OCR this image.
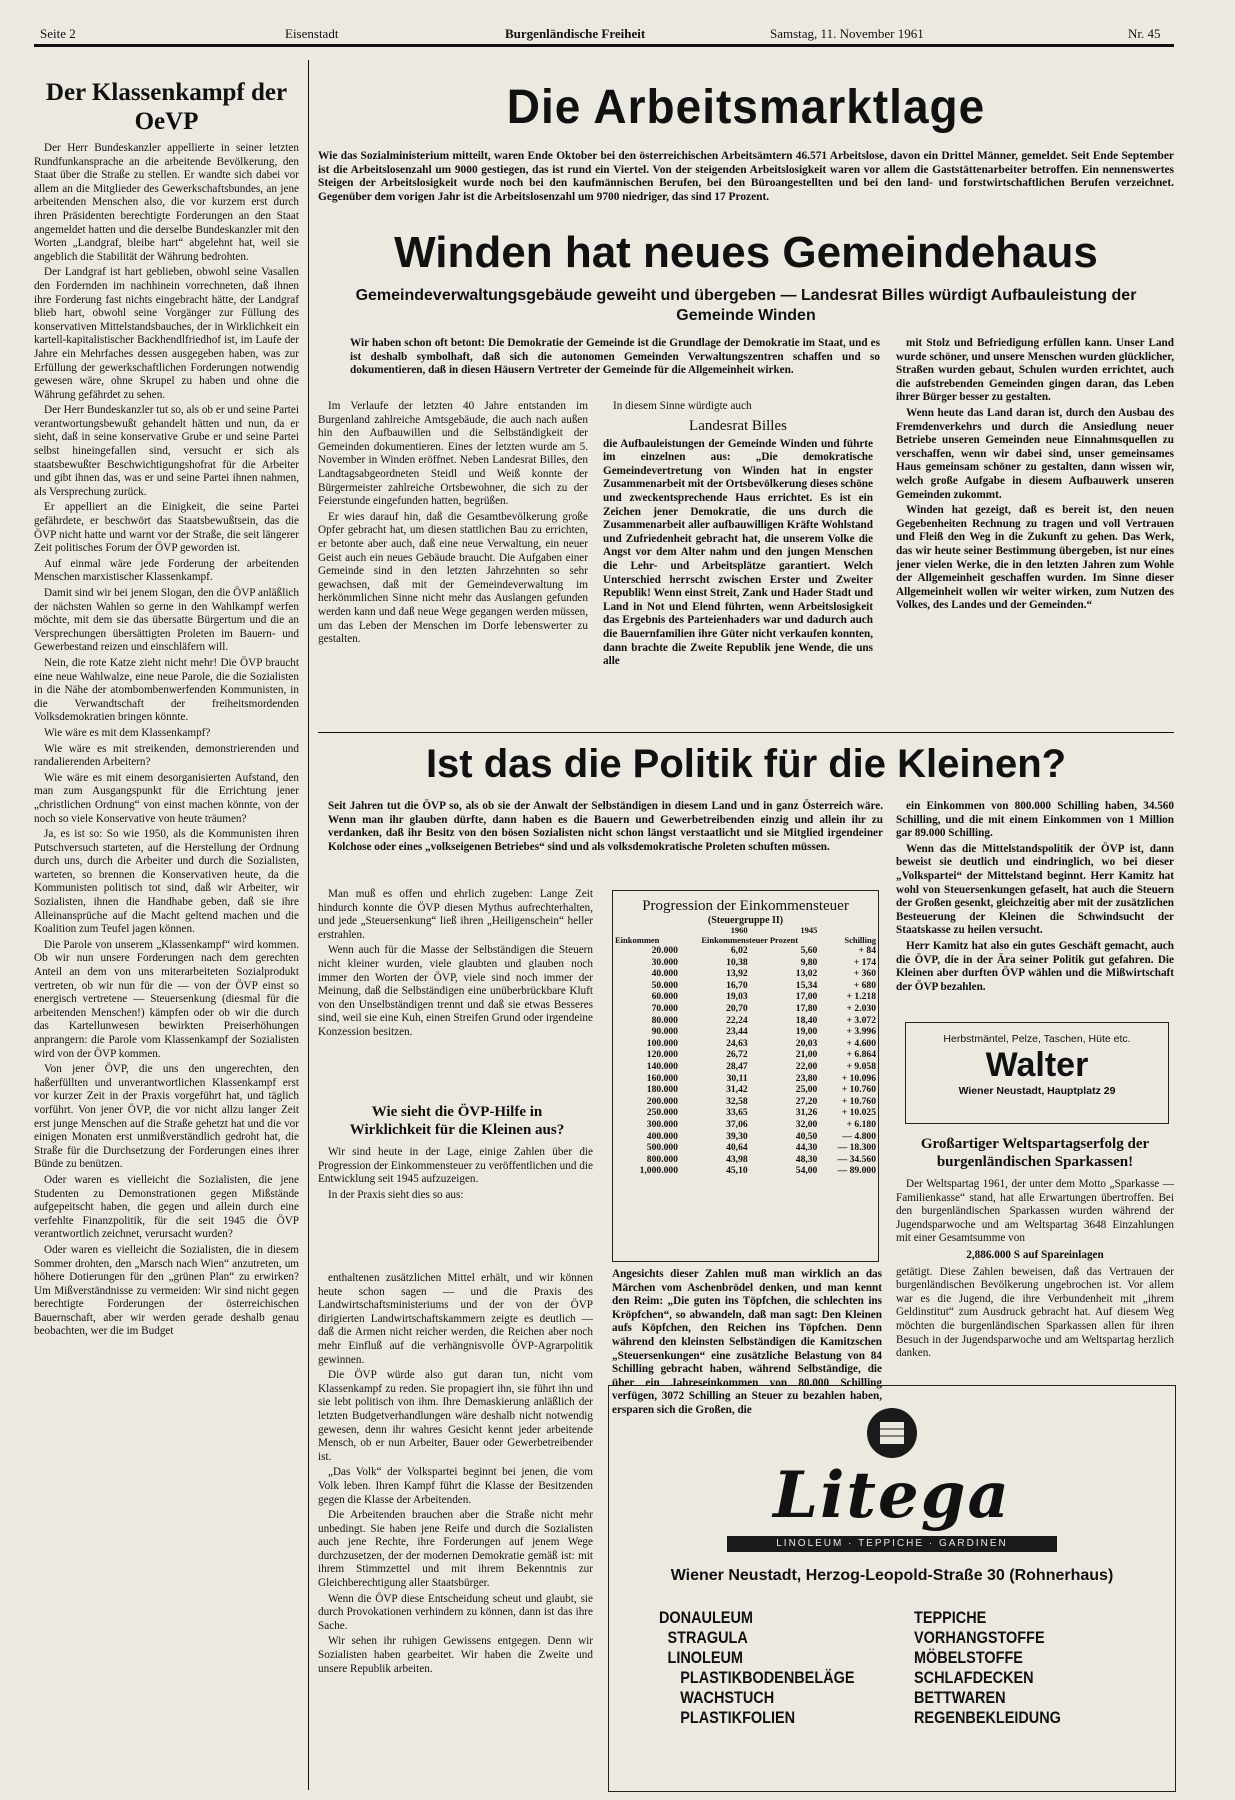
Seite 2	Eisenstadt	Burgenländische Freiheit	Samstag, 11. November 1961	Nr. 45
Der Klassenkampf der OeVP

Der Herr Bundeskanzler appellierte in seiner letzten Rundfunkansprache an die arbeitende Bevölkerung, den Staat über die Straße zu stellen. Er wandte sich dabei vor allem an die Mitglieder des Gewerkschaftsbundes, an jene arbeitenden Menschen also, die vor kurzem erst durch ihren Präsidenten berechtigte Forderungen an den Staat angemeldet hatten und die derselbe Bundeskanzler mit den Worten „Landgraf, bleibe hart“ abgelehnt hat, weil sie angeblich die Stabilität der Währung bedrohten.

Der Landgraf ist hart geblieben, obwohl seine Vasallen den Fordernden im nachhinein vorrechneten, daß ihnen ihre Forderung fast nichts eingebracht hätte, der Landgraf blieb hart, obwohl seine Vorgänger zur Füllung des konservativen Mittelstandsbauches, der in Wirklichkeit ein kartell-kapitalistischer Backhendlfriedhof ist, im Laufe der Jahre ein Mehrfaches dessen ausgegeben haben, was zur Erfüllung der gewerkschaftlichen Forderungen notwendig gewesen wäre, ohne Skrupel zu haben und ohne die Währung gefährdet zu sehen.

Der Herr Bundeskanzler tut so, als ob er und seine Partei verantwortungsbewußt gehandelt hätten und nun, da er sieht, daß in seine konservative Grube er und seine Partei selbst hineingefallen sind, versucht er sich als staatsbewußter Beschwichtigungshofrat für die Arbeiter und gibt ihnen das, was er und seine Partei ihnen nahmen, als Versprechung zurück.

Er appelliert an die Einigkeit, die seine Partei gefährdete, er beschwört das Staatsbewußtsein, das die ÖVP nicht hatte und warnt vor der Straße, die seit längerer Zeit politisches Forum der ÖVP geworden ist.

Auf einmal wäre jede Forderung der arbeitenden Menschen marxistischer Klassenkampf.

Damit sind wir bei jenem Slogan, den die ÖVP anläßlich der nächsten Wahlen so gerne in den Wahlkampf werfen möchte, mit dem sie das übersatte Bürgertum und die an Versprechungen übersättigten Proleten im Bauern- und Gewerbestand reizen und einschläfern will.

Nein, die rote Katze zieht nicht mehr! Die ÖVP braucht eine neue Wahlwalze, eine neue Parole, die die Sozialisten in die Nähe der atombombenwerfenden Kommunisten, in die Verwandtschaft der freiheitsmordenden Volksdemokratien bringen könnte.

Wie wäre es mit dem Klassenkampf?

Wie wäre es mit streikenden, demonstrierenden und randalierenden Arbeitern?

Wie wäre es mit einem desorganisierten Aufstand, den man zum Ausgangspunkt für die Errichtung jener „christlichen Ordnung“ von einst machen könnte, von der noch so viele Konservative von heute träumen?

Ja, es ist so: So wie 1950, als die Kommunisten ihren Putschversuch starteten, auf die Herstellung der Ordnung durch uns, durch die Arbeiter und durch die Sozialisten, warteten, so brennen die Konservativen heute, da die Kommunisten politisch tot sind, daß wir Arbeiter, wir Sozialisten, ihnen die Handhabe geben, daß sie ihre Alleinansprüche auf die Macht geltend machen und die Koalition zum Teufel jagen können.

Die Parole von unserem „Klassenkampf“ wird kommen. Ob wir nun unsere Forderungen nach dem gerechten Anteil an dem von uns miterarbeiteten Sozialprodukt vertreten, ob wir nun für die — von der ÖVP einst so energisch vertretene — Steuersenkung (diesmal für die arbeitenden Menschen!) kämpfen oder ob wir die durch das Kartellunwesen bewirkten Preiserhöhungen anprangern: die Parole vom Klassenkampf der Sozialisten wird von der ÖVP kommen.

Von jener ÖVP, die uns den ungerechten, den haßerfüllten und unverantwortlichen Klassenkampf erst vor kurzer Zeit in der Praxis vorgeführt hat, und täglich vorführt. Von jener ÖVP, die vor nicht allzu langer Zeit erst junge Menschen auf die Straße gehetzt hat und die vor einigen Monaten erst unmißverständlich gedroht hat, die Straße für die Durchsetzung der Forderungen eines ihrer Bünde zu benützen.

Oder waren es vielleicht die Sozialisten, die jene Studenten zu Demonstrationen gegen Mißstände aufgepeitscht haben, die gegen und allein durch eine verfehlte Finanzpolitik, für die seit 1945 die ÖVP verantwortlich zeichnet, verursacht wurden?

Oder waren es vielleicht die Sozialisten, die in diesem Sommer drohten, den „Marsch nach Wien“ anzutreten, um höhere Dotierungen für den „grünen Plan“ zu erwirken? Um Mißverständnisse zu vermeiden: Wir sind nicht gegen berechtigte Forderungen der österreichischen Bauernschaft, aber wir werden gerade deshalb genau beobachten, wer die im Budget

Die Arbeitsmarktlage
Wie das Sozialministerium mitteilt, waren Ende Oktober bei den österreichischen Arbeitsämtern 46.571 Arbeitslose, davon ein Drittel Männer, gemeldet. Seit Ende September ist die Arbeitslosenzahl um 9000 gestiegen, das ist rund ein Viertel. Von der steigenden Arbeitslosigkeit waren vor allem die Gaststättenarbeiter betroffen. Ein nennenswertes Steigen der Arbeitslosigkeit wurde noch bei den kaufmännischen Berufen, bei den Büroangestellten und bei den land- und forstwirtschaftlichen Berufen verzeichnet. Gegenüber dem vorigen Jahr ist die Arbeitslosenzahl um 9700 niedriger, das sind 17 Prozent.
Winden hat neues Gemeindehaus
Gemeindeverwaltungsgebäude geweiht und übergeben — Landesrat Billes würdigt Aufbauleistung der Gemeinde Winden
Wir haben schon oft betont: Die Demokratie der Gemeinde ist die Grundlage der Demokratie im Staat, und es ist deshalb symbolhaft, daß sich die autonomen Gemeinden Verwaltungszentren schaffen und so dokumentieren, daß in diesen Häusern Vertreter der Gemeinde für die Allgemeinheit wirken.

Im Verlaufe der letzten 40 Jahre entstanden im Burgenland zahlreiche Amtsgebäude, die auch nach außen hin den Aufbauwillen und die Selbständigkeit der Gemeinden dokumentieren. Eines der letzten wurde am 5. November in Winden eröffnet. Neben Landesrat Billes, den Landtagsabgeordneten Steidl und Weiß konnte der Bürgermeister zahlreiche Ortsbewohner, die sich zu der Feierstunde eingefunden hatten, begrüßen.

Er wies darauf hin, daß die Gesamtbevölkerung große Opfer gebracht hat, um diesen stattlichen Bau zu errichten, er betonte aber auch, daß eine neue Verwaltung, ein neuer Geist auch ein neues Gebäude braucht. Die Aufgaben einer Gemeinde sind in den letzten Jahrzehnten so sehr gewachsen, daß mit der Gemeindeverwaltung im herkömmlichen Sinne nicht mehr das Auslangen gefunden werden kann und daß neue Wege gegangen werden müssen, um das Leben der Menschen im Dorfe lebenswerter zu gestalten.

In diesem Sinne würdigte auch
Landesrat Billes
die Aufbauleistungen der Gemeinde Winden und führte im einzelnen aus: „Die demokratische Gemeindevertretung von Winden hat in engster Zusammenarbeit mit der Ortsbevölkerung dieses schöne und zweckentsprechende Haus errichtet. Es ist ein Zeichen jener Demokratie, die uns durch die Zusammenarbeit aller aufbauwilligen Kräfte Wohlstand und Zufriedenheit gebracht hat, die unserem Volke die Angst vor dem Alter nahm und den jungen Menschen die Lehr- und Arbeitsplätze garantiert. Welch Unterschied herrscht zwischen Erster und Zweiter Republik! Wenn einst Streit, Zank und Hader Stadt und Land in Not und Elend führten, wenn Arbeitslosigkeit das Ergebnis des Parteienhaders war und dadurch auch die Bauernfamilien ihre Güter nicht verkaufen konnten, dann brachte die Zweite Republik jene Wende, die uns alle

mit Stolz und Befriedigung erfüllen kann. Unser Land wurde schöner, und unsere Menschen wurden glücklicher, Straßen wurden gebaut, Schulen wurden errichtet, auch die aufstrebenden Gemeinden gingen daran, das Leben ihrer Bürger besser zu gestalten.

Wenn heute das Land daran ist, durch den Ausbau des Fremdenverkehrs und durch die Ansiedlung neuer Betriebe unseren Gemeinden neue Einnahmsquellen zu verschaffen, wenn wir dabei sind, unser gemeinsames Haus gemeinsam schöner zu gestalten, dann wissen wir, welch große Aufgabe in diesem Aufbauwerk unseren Gemeinden zukommt.

Winden hat gezeigt, daß es bereit ist, den neuen Gegebenheiten Rechnung zu tragen und voll Vertrauen und Fleiß den Weg in die Zukunft zu gehen. Das Werk, das wir heute seiner Bestimmung übergeben, ist nur eines jener vielen Werke, die in den letzten Jahren zum Wohle der Allgemeinheit geschaffen wurden. Im Sinne dieser Allgemeinheit wollen wir weiter wirken, zum Nutzen des Volkes, des Landes und der Gemeinden.“

Ist das die Politik für die Kleinen?
Seit Jahren tut die ÖVP so, als ob sie der Anwalt der Selbständigen in diesem Land und in ganz Österreich wäre. Wenn man ihr glauben dürfte, dann haben es die Bauern und Gewerbetreibenden einzig und allein ihr zu verdanken, daß ihr Besitz von den bösen Sozialisten nicht schon längst verstaatlicht und sie Mitglied irgendeiner Kolchose oder eines „volkseigenen Betriebes“ sind und als volksdemokratische Proleten schuften müssen.

Man muß es offen und ehrlich zugeben: Lange Zeit hindurch konnte die ÖVP diesen Mythus aufrechterhalten, und jede „Steuersenkung“ ließ ihren „Heiligenschein“ heller erstrahlen.

Wenn auch für die Masse der Selbständigen die Steuern nicht kleiner wurden, viele glaubten und glauben noch immer den Worten der ÖVP, viele sind noch immer der Meinung, daß die Selbständigen eine unüberbrückbare Kluft von den Unselbständigen trennt und daß sie etwas Besseres sind, weil sie eine Kuh, einen Streifen Grund oder irgendeine Konzession besitzen.

Wie sieht die ÖVP-Hilfe in Wirklichkeit für die Kleinen aus?

Wir sind heute in der Lage, einige Zahlen über die Progression der Einkommensteuer zu veröffentlichen und die Entwicklung seit 1945 aufzuzeigen.

In der Praxis sieht dies so aus:

enthaltenen zusätzlichen Mittel erhält, und wir können heute schon sagen — und die Praxis des Landwirtschaftsministeriums und der von der ÖVP dirigierten Landwirtschaftskammern zeigte es deutlich — daß die Armen nicht reicher werden, die Reichen aber noch mehr Einfluß auf die verhängnisvolle ÖVP-Agrarpolitik gewinnen.

Die ÖVP würde also gut daran tun, nicht vom Klassenkampf zu reden. Sie propagiert ihn, sie führt ihn und sie lebt politisch von ihm. Ihre Demaskierung anläßlich der letzten Budgetverhandlungen wäre deshalb nicht notwendig gewesen, denn ihr wahres Gesicht kennt jeder arbeitende Mensch, ob er nun Arbeiter, Bauer oder Gewerbetreibender ist.

„Das Volk“ der Volkspartei beginnt bei jenen, die vom Volk leben. Ihren Kampf führt die Klasse der Besitzenden gegen die Klasse der Arbeitenden.

Die Arbeitenden brauchen aber die Straße nicht mehr unbedingt. Sie haben jene Reife und durch die Sozialisten auch jene Rechte, ihre Forderungen auf jenem Wege durchzusetzen, der der modernen Demokratie gemäß ist: mit ihrem Stimmzettel und mit ihrem Bekenntnis zur Gleichberechtigung aller Staatsbürger.

Wenn die ÖVP diese Entscheidung scheut und glaubt, sie durch Provokationen verhindern zu können, dann ist das ihre Sache.

Wir sehen ihr ruhigen Gewissens entgegen. Denn wir Sozialisten haben gearbeitet. Wir haben die Zweite und unsere Republik arbeiten.

Progression der Einkommensteuer
(Steuergruppe II)
	1960	1945	
Einkommen	Einkommensteuer Prozent		Schilling
20.000	6,02	5,60	+ 84
30.000	10,38	9,80	+ 174
40.000	13,92	13,02	+ 360
50.000	16,70	15,34	+ 680
60.000	19,03	17,00	+ 1.218
70.000	20,70	17,80	+ 2.030
80.000	22,24	18,40	+ 3.072
90.000	23,44	19,00	+ 3.996
100.000	24,63	20,03	+ 4.600
120.000	26,72	21,00	+ 6.864
140.000	28,47	22,00	+ 9.058
160.000	30,11	23,80	+ 10.096
180.000	31,42	25,00	+ 10.760
200.000	32,58	27,20	+ 10.760
250.000	33,65	31,26	+ 10.025
300.000	37,06	32,00	+ 6.180
400.000	39,30	40,50	— 4.800
500.000	40,64	44,30	— 18.300
800.000	43,98	48,30	— 34.560
1,000.000	45,10	54,00	— 89.000
Angesichts dieser Zahlen muß man wirklich an das Märchen vom Aschenbrödel denken, und man kennt den Reim: „Die guten ins Töpfchen, die schlechten ins Kröpfchen“, so abwandeln, daß man sagt: Den Kleinen aufs Köpfchen, den Reichen ins Töpfchen. Denn während den kleinsten Selbständigen die Kamitzschen „Steuersenkungen“ eine zusätzliche Belastung von 84 Schilling gebracht haben, während Selbständige, die über ein Jahreseinkommen von 80.000 Schilling verfügen, 3072 Schilling an Steuer zu bezahlen haben, ersparen sich die Großen, die

ein Einkommen von 800.000 Schilling haben, 34.560 Schilling, und die mit einem Einkommen von 1 Million gar 89.000 Schilling.

Wenn das die Mittelstandspolitik der ÖVP ist, dann beweist sie deutlich und eindringlich, wo bei dieser „Volkspartei“ der Mittelstand beginnt. Herr Kamitz hat wohl von Steuersenkungen gefaselt, hat auch die Steuern der Großen gesenkt, gleichzeitig aber mit der zusätzlichen Besteuerung der Kleinen die Schwindsucht der Staatskasse zu heilen versucht.

Herr Kamitz hat also ein gutes Geschäft gemacht, auch die ÖVP, die in der Ära seiner Politik gut gefahren. Die Kleinen aber durften ÖVP wählen und die Mißwirtschaft der ÖVP bezahlen.

Herbstmäntel, Pelze, Taschen, Hüte etc.
Walter
Wiener Neustadt, Hauptplatz 29
Großartiger Weltspartagserfolg der burgenländischen Sparkassen!
Der Weltspartag 1961, der unter dem Motto „Sparkasse — Familienkasse“ stand, hat alle Erwartungen übertroffen. Bei den burgenländischen Sparkassen wurden während der Jugendsparwoche und am Weltspartag 3648 Einzahlungen mit einer Gesamtsumme von
2,886.000 S auf Spareinlagen
getätigt. Diese Zahlen beweisen, daß das Vertrauen der burgenländischen Bevölkerung ungebrochen ist. Vor allem war es die Jugend, die ihre Verbundenheit mit „ihrem Geldinstitut“ zum Ausdruck gebracht hat. Auf diesem Weg möchten die burgenländischen Sparkassen allen für ihren Besuch in der Jugendsparwoche und am Weltspartag herzlich danken.
Litega
LINOLEUM · TEPPICHE · GARDINEN
Wiener Neustadt, Herzog-Leopold-Straße 30 (Rohnerhaus)
DONAULEUM
STRAGULA
LINOLEUM
PLASTIKBODENBELÄGE
WACHSTUCH
PLASTIKFOLIEN
TEPPICHE
VORHANGSTOFFE
MÖBELSTOFFE
SCHLAFDECKEN
BETTWAREN
REGENBEKLEIDUNG
